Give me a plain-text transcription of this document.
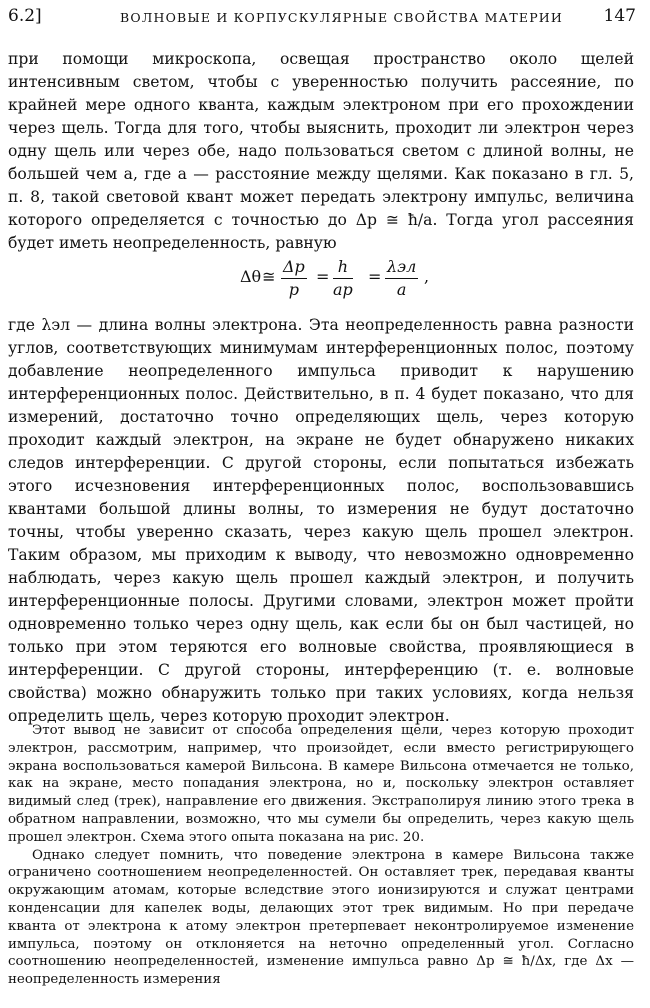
6.2]	ВОЛНОВЫЕ И КОРПУСКУЛЯРНЫЕ СВОЙСТВА МАТЕРИИ 147

при помощи микроскопа, освещая пространство около щелей интенсивным светом, чтобы с уверенностью получить рассеяние, по крайней мере одного кванта, каждым электроном при его прохождении через щель. Тогда для того, чтобы выяснить, проходит ли электрон через одну щель или через обе, надо пользоваться светом с длиной волны, не большей чем a, где a — расстояние между щелями. Как показано в гл. 5, п. 8, такой световой квант может передать электрону импульс, величина которого определяется с точностью до Δp ≅ ħ/a. Тогда угол рассеяния будет иметь неопределенность, равную

Δθ ≅ $\frac{\Delta p}{p} = \frac{h}{ap}$ =
λэл
a
,

где λэл — длина волны электрона. Эта неопределенность равна разности углов, соответствующих минимумам интерференционных полос, поэтому добавление неопределенного импульса приводит к нарушению интерференционных полос. Действительно, в п. 4 будет показано, что для измерений, достаточно точно определяющих щель, через которую проходит каждый электрон, на экране не будет обнаружено никаких следов интерференции. С другой стороны, если попытаться избежать этого исчезновения интерференционных полос, воспользовавшись квантами большой длины волны, то измерения не будут достаточно точны, чтобы уверенно сказать, через какую щель прошел электрон. Таким образом, мы приходим к выводу, что невозможно одновременно наблюдать, через какую щель прошел каждый электрон, и получить интерференционные полосы. Другими словами, электрон может пройти одновременно только через одну щель, как если бы он был частицей, но только при этом теряются его волновые свойства, проявляющиеся в интерференции. С другой стороны, интерференцию (т. е. волновые свойства) можно обнаружить только при таких условиях, когда нельзя определить щель, через которую проходит электрон.

Этот вывод не зависит от способа определения щели, через которую проходит электрон, рассмотрим, например, что произойдет, если вместо регистрирующего экрана воспользоваться камерой Вильсона. В камере Вильсона отмечается не только, как на экране, место попадания электрона, но и, поскольку электрон оставляет видимый след (трек), направление его движения. Экстраполируя линию этого трека в обратном направлении, возможно, что мы сумели бы определить, через какую щель прошел электрон. Схема этого опыта показана на рис. 20.

Однако следует помнить, что поведение электрона в камере Вильсона также ограничено соотношением неопределенностей. Он оставляет трек, передавая кванты окружающим атомам, которые вследствие этого ионизируются и служат центрами конденсации для капелек воды, делающих этот трек видимым. Но при передаче кванта от электрона к атому электрон претерпевает неконтролируемое изменение импульса, поэтому он отклоняется на неточно определенный угол. Согласно соотношению неопределенностей, изменение импульса равно Δp ≅ ħ/Δx, где Δx — неопределенность измерения
